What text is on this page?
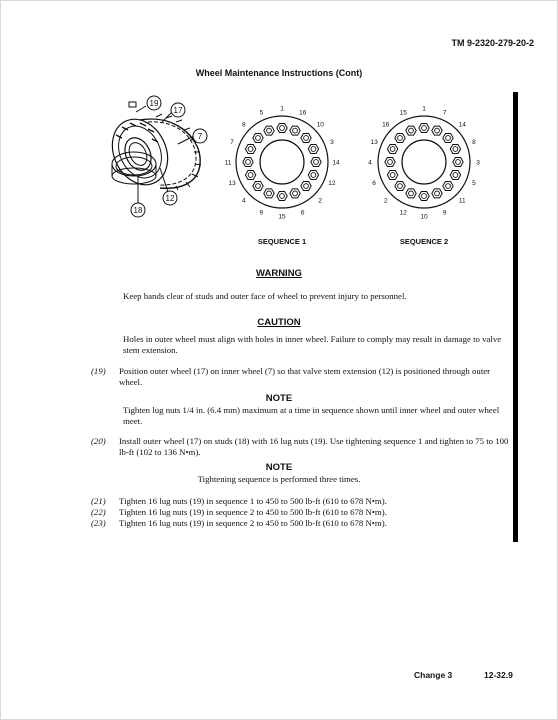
TM 9-2320-279-20-2
Wheel Maintenance Instructions (Cont)
19
17
7
18
12
1
16
10
3
14
12
2
6
15
9
4
13
11
7
8
5
1
7
14
8
3
5
11
9
10
12
2
6
4
13
16
15
SEQUENCE 1	SEQUENCE 2
WARNING
Keep hands clear of studs and outer face of wheel to prevent injury to personnel.
CAUTION
Holes in outer wheel must align with holes in inner wheel. Failure to comply may result in damage to valve stem extension.
(19) Position outer wheel (17) on inner wheel (7) so that valve stem extension (12) is positioned through outer wheel.
NOTE
Tighten lug nuts 1/4 in. (6.4 mm) maximum at a time in sequence shown until inner wheel and outer wheel meet.
(20) Install outer wheel (17) on studs (18) with 16 lug nuts (19). Use tightening sequence 1 and tighten to 75 to 100 lb-ft (102 to 136 N•m).
NOTE
Tightening sequence is performed three times.
(21) Tighten 16 lug nuts (19) in sequence 1 to 450 to 500 lb-ft (610 to 678 N•m).
(22) Tighten 16 lug nuts (19) in sequence 2 to 450 to 500 lb-ft (610 to 678 N•m).
(23) Tighten 16 lug nuts (19) in sequence 2 to 450 to 500 lb-ft (610 to 678 N•m).
Change 3	12-32.9
